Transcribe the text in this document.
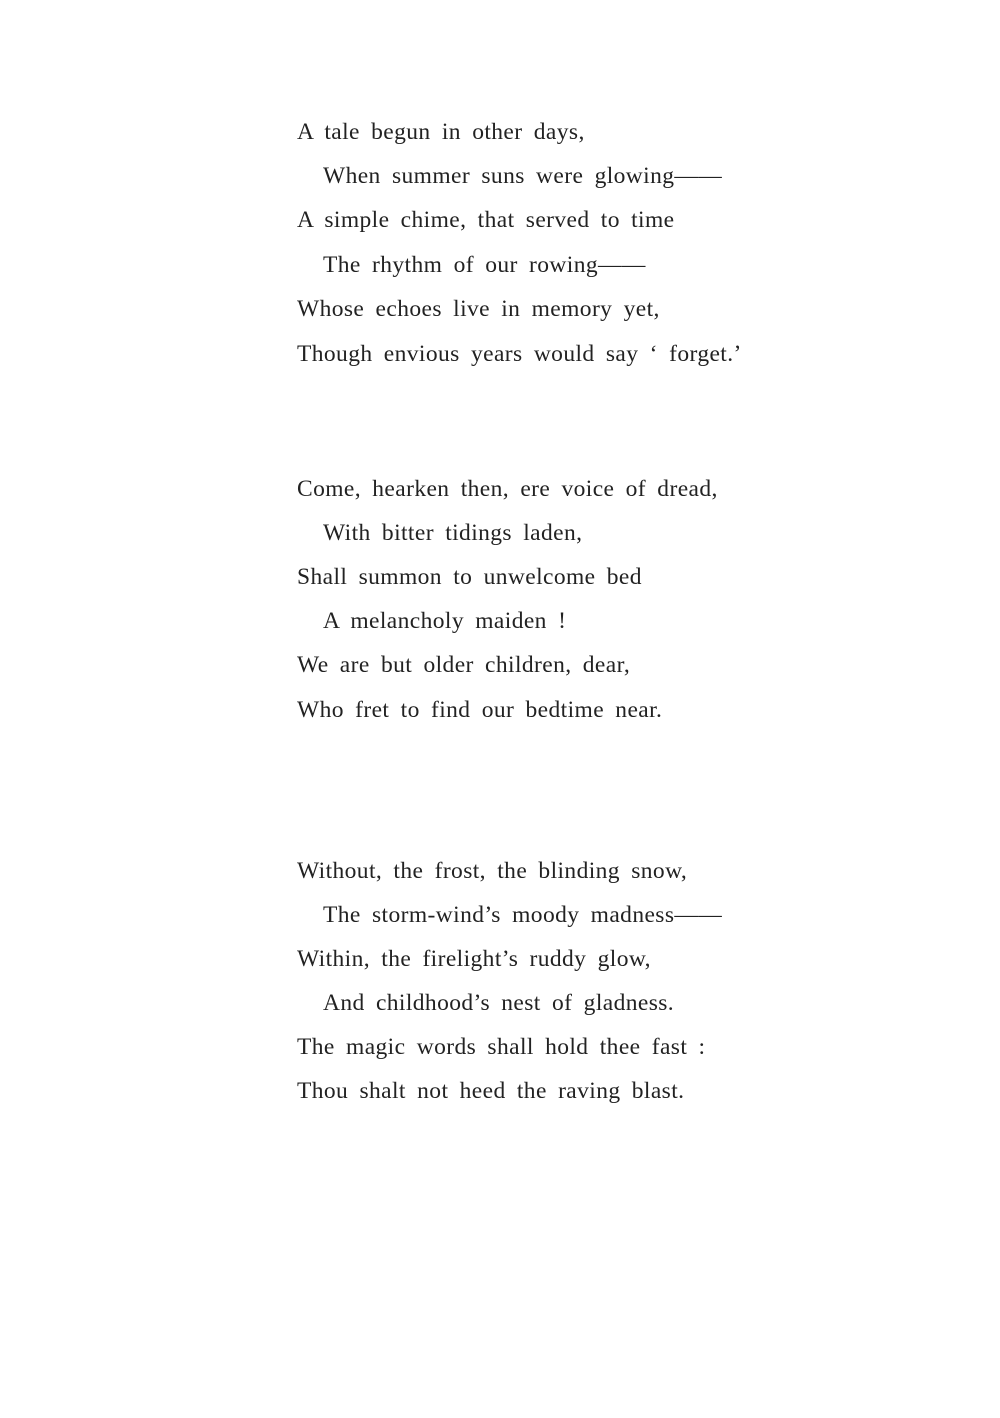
A tale begun in other days,
When summer suns were glowing——
A simple chime, that served to time
The rhythm of our rowing——
Whose echoes live in memory yet,
Though envious years would say ‘ forget.’
Come, hearken then, ere voice of dread,
With bitter tidings laden,
Shall summon to unwelcome bed
A melancholy maiden !
We are but older children, dear,
Who fret to find our bedtime near.
Without, the frost, the blinding snow,
The storm-wind’s moody madness——
Within, the firelight’s ruddy glow,
And childhood’s nest of gladness.
The magic words shall hold thee fast :
Thou shalt not heed the raving blast.
